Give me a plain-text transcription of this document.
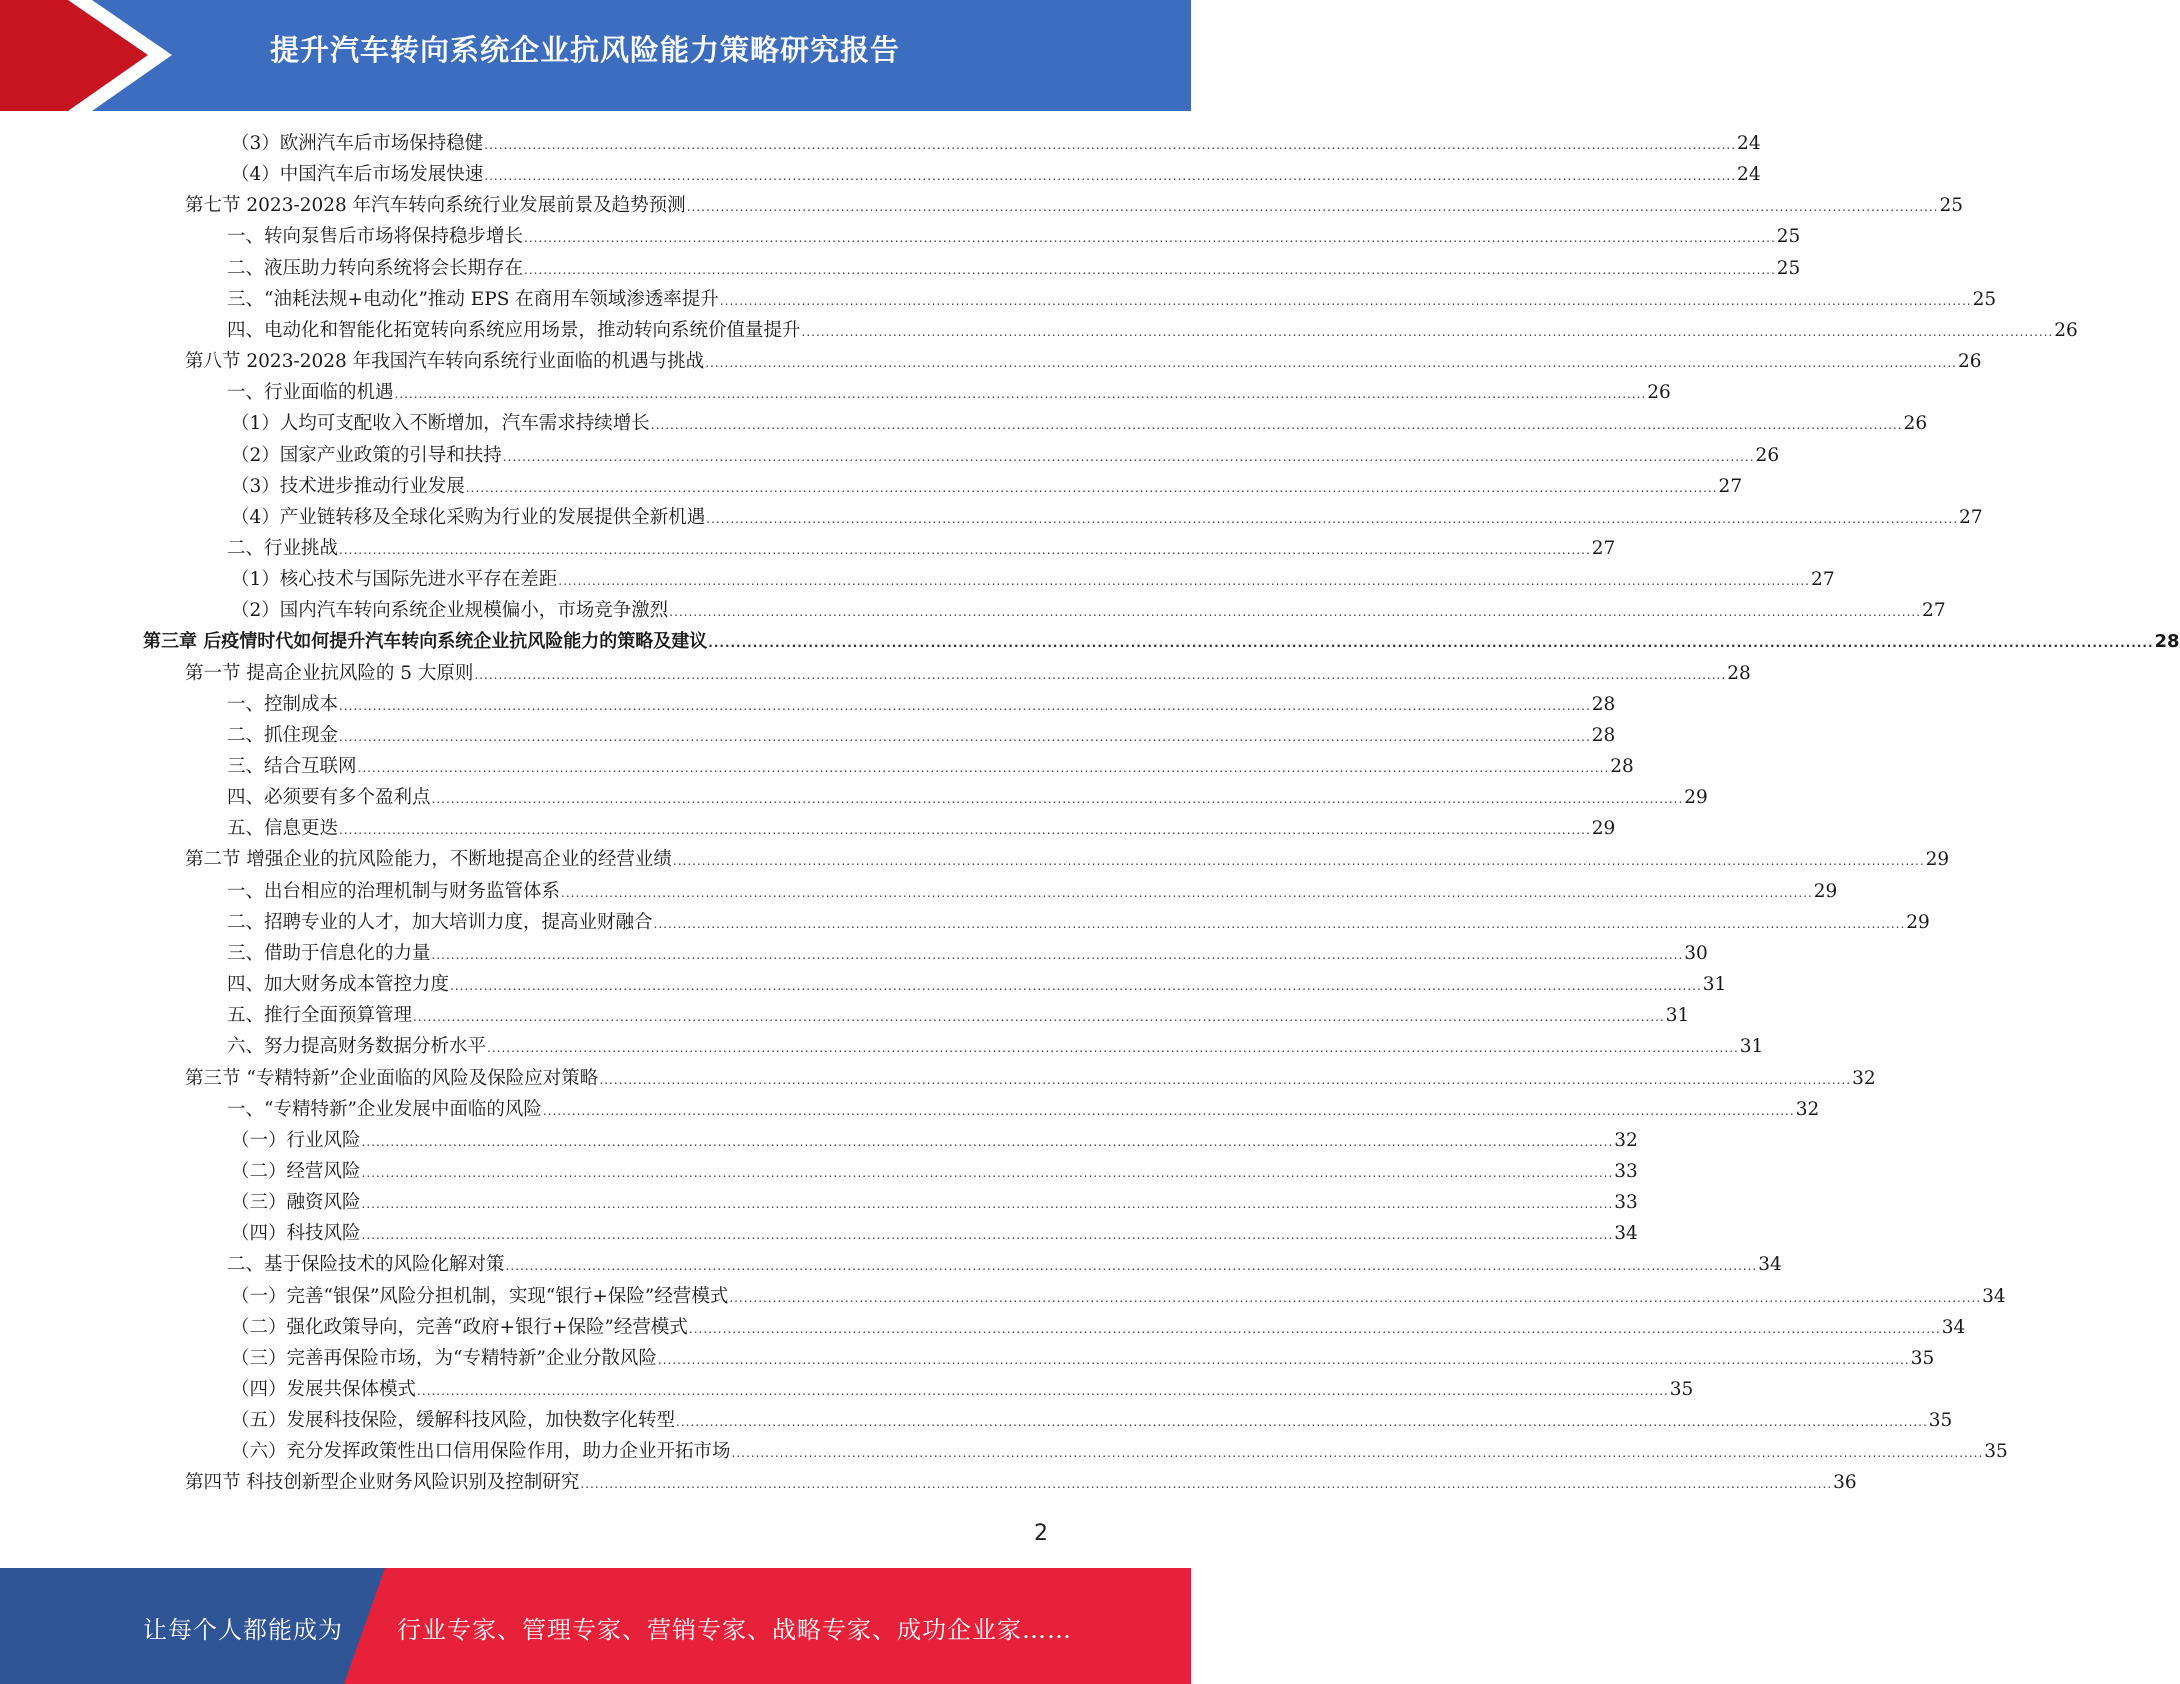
提升汽车转向系统企业抗风险能力策略研究报告
（3）欧洲汽车后市场保持稳健 .................................................................................................................................................................................................................................................................... 24
（4）中国汽车后市场发展快速 .................................................................................................................................................................................................................................................................... 24
第七节 2023-2028 年汽车转向系统行业发展前景及趋势预测 .................................................................................................................................................................................................................................................................... 25
一、转向泵售后市场将保持稳步增长 .................................................................................................................................................................................................................................................................... 25
二、液压助力转向系统将会长期存在 .................................................................................................................................................................................................................................................................... 25
三、“油耗法规+电动化”推动 EPS 在商用车领域渗透率提升 .................................................................................................................................................................................................................................................................... 25
四、电动化和智能化拓宽转向系统应用场景，推动转向系统价值量提升 .................................................................................................................................................................................................................................................................... 26
第八节 2023-2028 年我国汽车转向系统行业面临的机遇与挑战 .................................................................................................................................................................................................................................................................... 26
一、行业面临的机遇 .................................................................................................................................................................................................................................................................... 26
（1）人均可支配收入不断增加，汽车需求持续增长 .................................................................................................................................................................................................................................................................... 26
（2）国家产业政策的引导和扶持 .................................................................................................................................................................................................................................................................... 26
（3）技术进步推动行业发展 .................................................................................................................................................................................................................................................................... 27
（4）产业链转移及全球化采购为行业的发展提供全新机遇 .................................................................................................................................................................................................................................................................... 27
二、行业挑战 .................................................................................................................................................................................................................................................................... 27
（1）核心技术与国际先进水平存在差距 .................................................................................................................................................................................................................................................................... 27
（2）国内汽车转向系统企业规模偏小，市场竞争激烈 .................................................................................................................................................................................................................................................................... 27
第三章 后疫情时代如何提升汽车转向系统企业抗风险能力的策略及建议 .................................................................................................................................................................................................................................................................... 28
第一节 提高企业抗风险的 5 大原则 .................................................................................................................................................................................................................................................................... 28
一、控制成本 .................................................................................................................................................................................................................................................................... 28
二、抓住现金 .................................................................................................................................................................................................................................................................... 28
三、结合互联网 .................................................................................................................................................................................................................................................................... 28
四、必须要有多个盈利点 .................................................................................................................................................................................................................................................................... 29
五、信息更迭 .................................................................................................................................................................................................................................................................... 29
第二节 增强企业的抗风险能力，不断地提高企业的经营业绩 .................................................................................................................................................................................................................................................................... 29
一、出台相应的治理机制与财务监管体系 .................................................................................................................................................................................................................................................................... 29
二、招聘专业的人才，加大培训力度，提高业财融合 .................................................................................................................................................................................................................................................................... 29
三、借助于信息化的力量 .................................................................................................................................................................................................................................................................... 30
四、加大财务成本管控力度 .................................................................................................................................................................................................................................................................... 31
五、推行全面预算管理 .................................................................................................................................................................................................................................................................... 31
六、努力提高财务数据分析水平 .................................................................................................................................................................................................................................................................... 31
第三节 “专精特新”企业面临的风险及保险应对策略 .................................................................................................................................................................................................................................................................... 32
一、“专精特新”企业发展中面临的风险 .................................................................................................................................................................................................................................................................... 32
（一）行业风险 .................................................................................................................................................................................................................................................................... 32
（二）经营风险 .................................................................................................................................................................................................................................................................... 33
（三）融资风险 .................................................................................................................................................................................................................................................................... 33
（四）科技风险 .................................................................................................................................................................................................................................................................... 34
二、基于保险技术的风险化解对策 .................................................................................................................................................................................................................................................................... 34
（一）完善“银保”风险分担机制，实现“银行+保险”经营模式 .................................................................................................................................................................................................................................................................... 34
（二）强化政策导向，完善“政府+银行+保险”经营模式 .................................................................................................................................................................................................................................................................... 34
（三）完善再保险市场，为“专精特新”企业分散风险 .................................................................................................................................................................................................................................................................... 35
（四）发展共保体模式 .................................................................................................................................................................................................................................................................... 35
（五）发展科技保险，缓解科技风险，加快数字化转型 .................................................................................................................................................................................................................................................................... 35
（六）充分发挥政策性出口信用保险作用，助力企业开拓市场 .................................................................................................................................................................................................................................................................... 35
第四节 科技创新型企业财务风险识别及控制研究 .................................................................................................................................................................................................................................................................... 36
2
让每个人都能成为 行业专家、管理专家、营销专家、战略专家、成功企业家……
